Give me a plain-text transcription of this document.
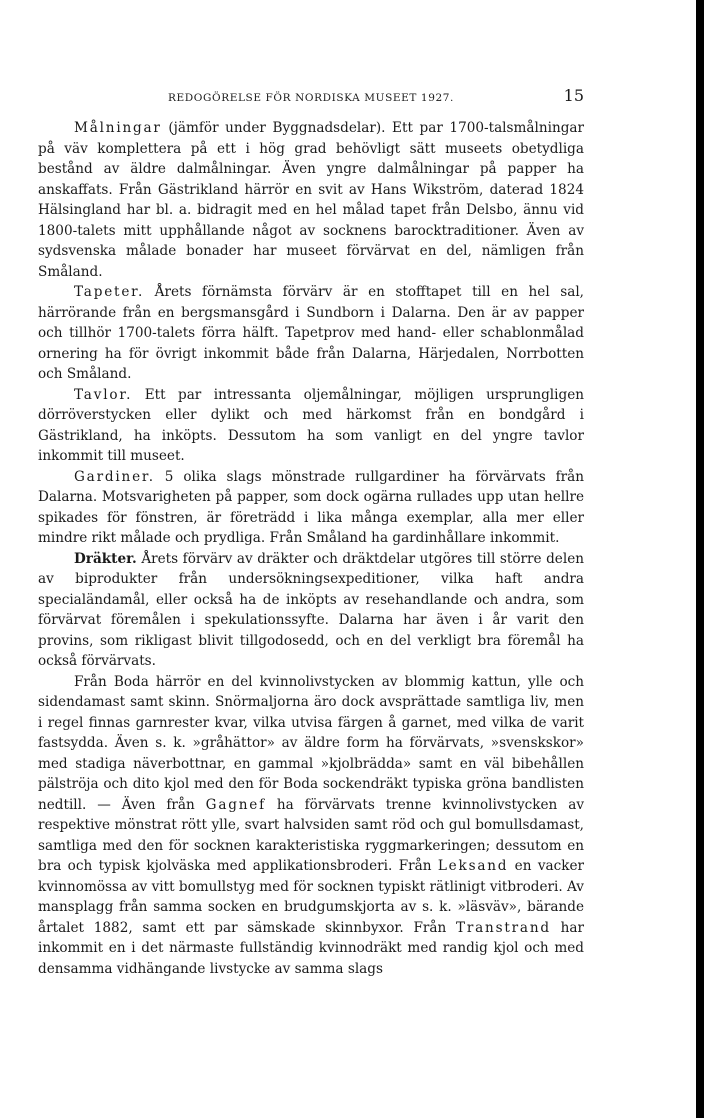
REDOGÖRELSE FÖR NORDISKA MUSEET 1927.	15

Målningar (jämför under Byggnadsdelar). Ett par 1700-talsmålningar på väv komplettera på ett i hög grad behövligt sätt museets obetydliga bestånd av äldre dalmålningar. Även yngre dalmålningar på papper ha anskaffats. Från Gästrikland härrör en svit av Hans Wikström, daterad 1824 Hälsingland har bl. a. bidragit med en hel målad tapet från Delsbo, ännu vid 1800-talets mitt upphållande något av socknens barocktraditioner. Även av sydsvenska målade bonader har museet förvärvat en del, nämligen från Småland.

Tapeter. Årets förnämsta förvärv är en stofftapet till en hel sal, härrörande från en bergsmansgård i Sundborn i Dalarna. Den är av papper och tillhör 1700-talets förra hälft. Tapetprov med hand- eller schablonmålad ornering ha för övrigt inkommit både från Dalarna, Härjedalen, Norrbotten och Småland.

Tavlor. Ett par intressanta oljemålningar, möjligen ursprungligen dörröverstycken eller dylikt och med härkomst från en bondgård i Gästrikland, ha inköpts. Dessutom ha som vanligt en del yngre tavlor inkommit till museet.

Gardiner. 5 olika slags mönstrade rullgardiner ha förvärvats från Dalarna. Motsvarigheten på papper, som dock ogärna rullades upp utan hellre spikades för fönstren, är företrädd i lika många exemplar, alla mer eller mindre rikt målade och prydliga. Från Småland ha gardinhållare inkommit.

Dräkter. Årets förvärv av dräkter och dräktdelar utgöres till större delen av biprodukter från undersökningsexpeditioner, vilka haft andra specialändamål, eller också ha de inköpts av resehandlande och andra, som förvärvat föremålen i spekulationssyfte. Dalarna har även i år varit den provins, som rikligast blivit tillgodosedd, och en del verkligt bra föremål ha också förvärvats.

Från Boda härrör en del kvinnolivstycken av blommig kattun, ylle och sidendamast samt skinn. Snörmaljorna äro dock avsprättade samtliga liv, men i regel finnas garnrester kvar, vilka utvisa färgen å garnet, med vilka de varit fastsydda. Även s. k. »gråhättor» av äldre form ha förvärvats, »svenskskor» med stadiga näverbottnar, en gammal »kjolbrädda» samt en väl bibehållen pälströja och dito kjol med den för Boda sockendräkt typiska gröna bandlisten nedtill. — Även från Gagnef ha förvärvats trenne kvinnolivstycken av respektive mönstrat rött ylle, svart halvsiden samt röd och gul bomullsdamast, samtliga med den för socknen karakteristiska ryggmarkeringen; dessutom en bra och typisk kjolväska med applikationsbroderi. Från Leksand en vacker kvinnomössa av vitt bomullstyg med för socknen typiskt rätlinigt vitbroderi. Av mansplagg från samma socken en brudgumskjorta av s. k. »läsväv», bärande årtalet 1882, samt ett par sämskade skinnbyxor. Från Transtrand har inkommit en i det närmaste fullständig kvinnodräkt med randig kjol och med densamma vidhängande livstycke av samma slags
